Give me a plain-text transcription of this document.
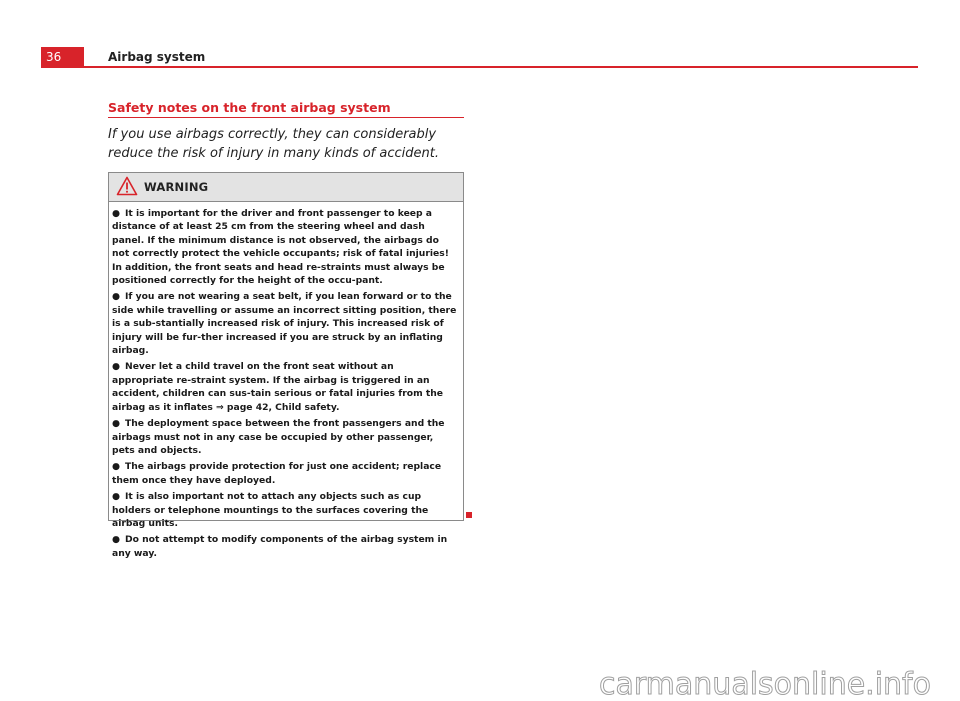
36	Airbag system
Safety notes on the front airbag system
If you use airbags correctly, they can considerably reduce the risk of injury in many kinds of accident.
WARNING
● It is important for the driver and front passenger to keep a distance of at least 25 cm from the steering wheel and dash panel. If the minimum distance is not observed, the airbags do not correctly protect the vehicle occupants; risk of fatal injuries! In addition, the front seats and head re-straints must always be positioned correctly for the height of the occu-pant.
● If you are not wearing a seat belt, if you lean forward or to the side while travelling or assume an incorrect sitting position, there is a sub-stantially increased risk of injury. This increased risk of injury will be fur-ther increased if you are struck by an inflating airbag.
● Never let a child travel on the front seat without an appropriate re-straint system. If the airbag is triggered in an accident, children can sus-tain serious or fatal injuries from the airbag as it inflates ⇒ page 42, Child safety.
● The deployment space between the front passengers and the airbags must not in any case be occupied by other passenger, pets and objects.
● The airbags provide protection for just one accident; replace them once they have deployed.
● It is also important not to attach any objects such as cup holders or telephone mountings to the surfaces covering the airbag units.
● Do not attempt to modify components of the airbag system in any way.
carmanualsonline.info
